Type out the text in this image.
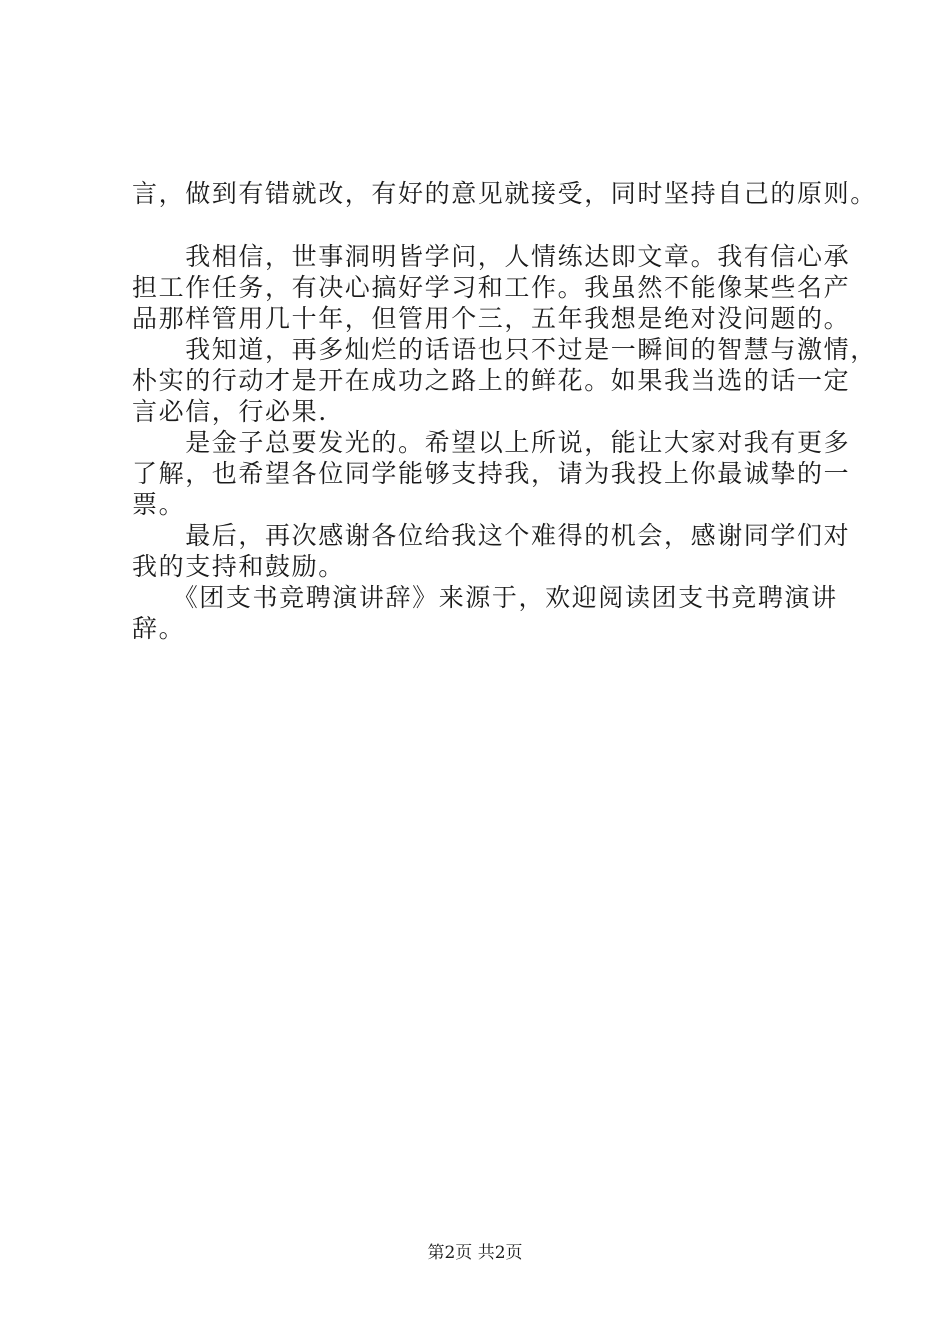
言，做到有错就改，有好的意见就接受，同时坚持自己的原则。
　　我相信，世事洞明皆学问，人情练达即文章。我有信心承
担工作任务，有决心搞好学习和工作。我虽然不能像某些名产
品那样管用几十年，但管用个三，五年我想是绝对没问题的。
　　我知道，再多灿烂的话语也只不过是一瞬间的智慧与激情，
朴实的行动才是开在成功之路上的鲜花。如果我当选的话一定
言必信，行必果.
　　是金子总要发光的。希望以上所说，能让大家对我有更多
了解，也希望各位同学能够支持我，请为我投上你最诚挚的一
票。
　　最后，再次感谢各位给我这个难得的机会，感谢同学们对
我的支持和鼓励。
　　《团支书竞聘演讲辞》来源于，欢迎阅读团支书竞聘演讲
辞。
第2页 共2页
